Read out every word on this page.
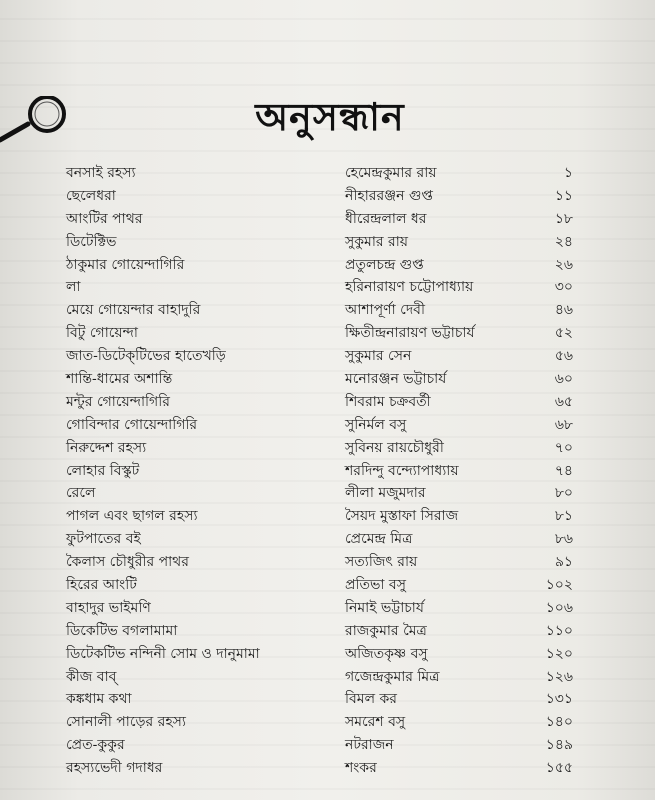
অনুসন্ধান
বনসাই রহস্য	হেমেন্দ্রকুমার রায়	১
ছেলেধরা	নীহাররঞ্জন গুপ্ত	১১
আংটির পাথর	ধীরেন্দ্রলাল ধর	১৮
ডিটেক্টিভ	সুকুমার রায়	২৪
ঠাকুমার গোয়েন্দাগিরি	প্রতুলচন্দ্র গুপ্ত	২৬
লা	হরিনারায়ণ চট্টোপাধ্যায়	৩০
মেয়ে গোয়েন্দার বাহাদুরি	আশাপূর্ণা দেবী	৪৬
বিটু গোয়েন্দা	ক্ষিতীন্দ্রনারায়ণ ভট্টাচার্য	৫২
জাত-ডিটেক্‌টিভের হাতেখড়ি	সুকুমার সেন	৫৬
শান্তি-ধামের অশান্তি	মনোরঞ্জন ভট্টাচার্য	৬০
মন্টুর গোয়েন্দাগিরি	শিবরাম চক্রবর্তী	৬৫
গোবিন্দার গোয়েন্দাগিরি	সুনির্মল বসু	৬৮
নিরুদ্দেশ রহস্য	সুবিনয় রায়চৌধুরী	৭০
লোহার বিস্কুট	শরদিন্দু বন্দ্যোপাধ্যায়	৭৪
রেলে	লীলা মজুমদার	৮০
পাগল এবং ছাগল রহস্য	সৈয়দ মুস্তাফা সিরাজ	৮১
ফুটপাতের বই	প্রেমেন্দ্র মিত্র	৮৬
কৈলাস চৌধুরীর পাথর	সত্যজিৎ রায়	৯১
হিরের আংটি	প্রতিভা বসু	১০২
বাহাদুর ভাইমণি	নিমাই ভট্টাচার্য	১০৬
ডিকেটিভ বগলামামা	রাজকুমার মৈত্র	১১০
ডিটেকটিভ নন্দিনী সোম ও দানুমামা	অজিতকৃষ্ণ বসু	১২০
কীজ বাব্‌	গজেন্দ্রকুমার মিত্র	১২৬
কঙ্কধাম কথা	বিমল কর	১৩১
সোনালী পাড়ের রহস্য	সমরেশ বসু	১৪০
প্রেত-কুকুর	নটরাজন	১৪৯
রহস্যভেদী গদাধর	শংকর	১৫৫
